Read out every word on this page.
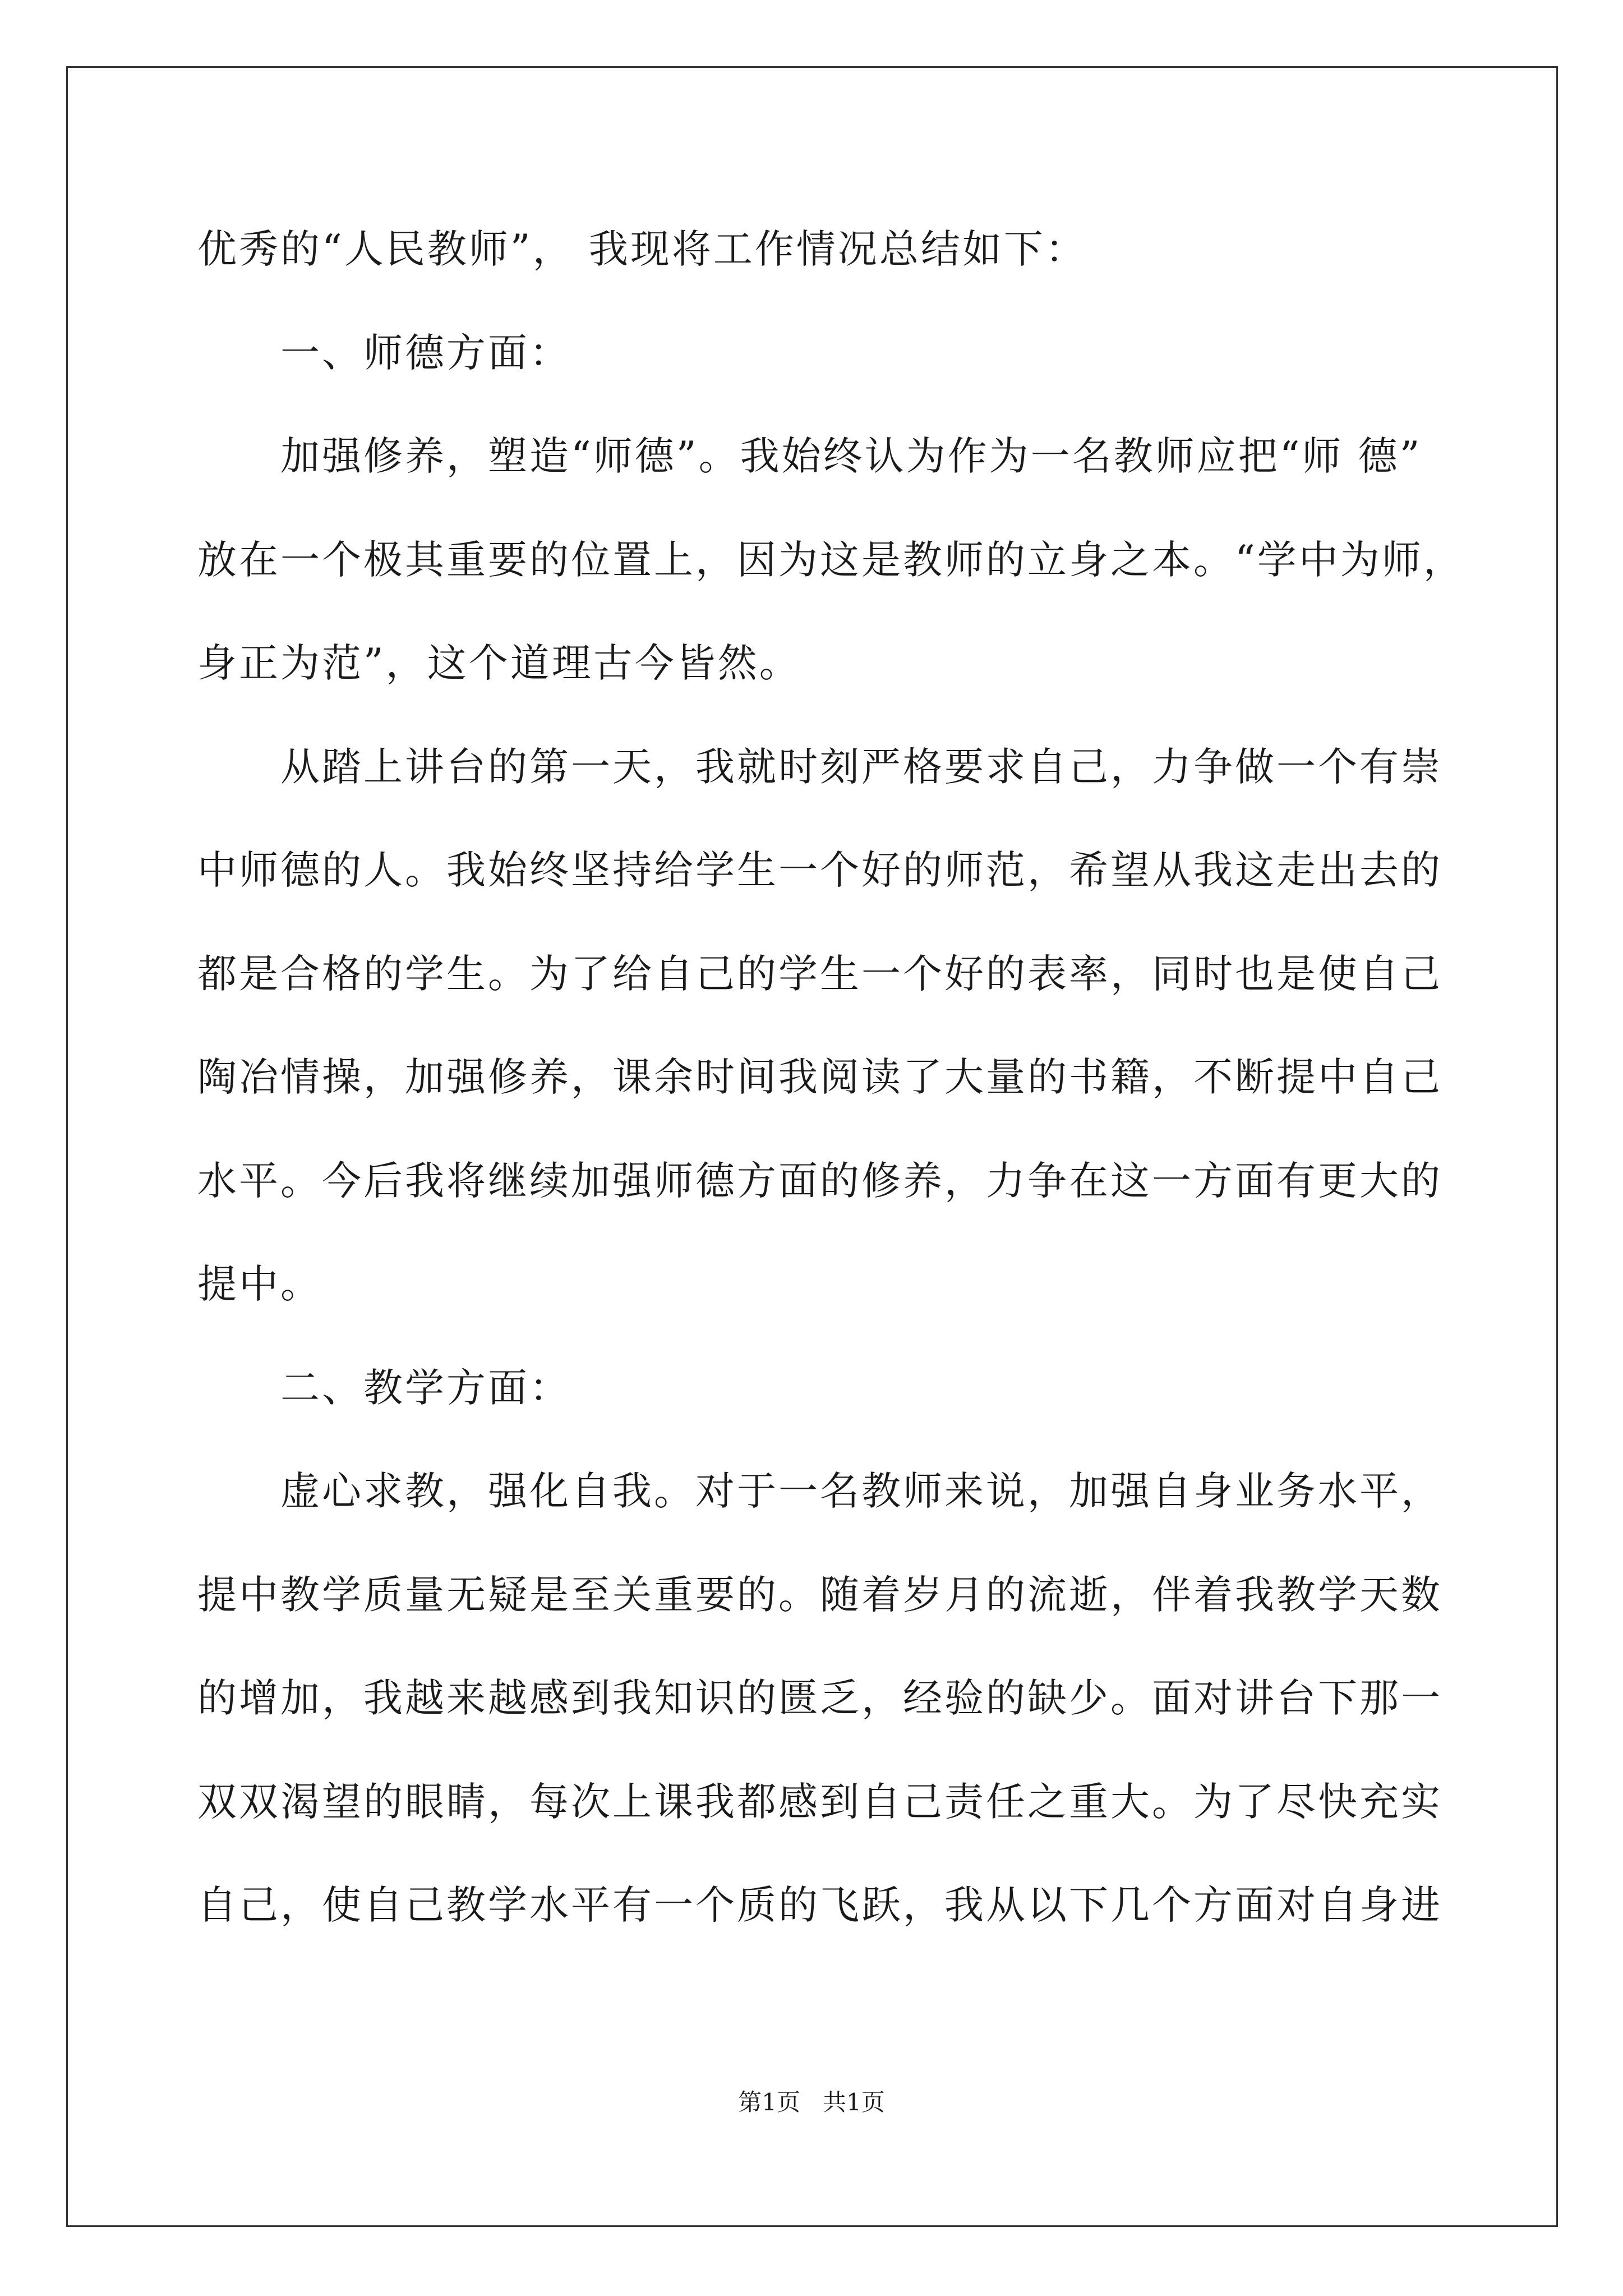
优秀的“人民教师”， 我现将工作情况总结如下：
一、师德方面：
加强修养，塑造“师德”。我始终认为作为一名教师应把“师 德”
放在一个极其重要的位置上，因为这是教师的立身之本。“学中为师，
身正为范”，这个道理古今皆然。
从踏上讲台的第一天，我就时刻严格要求自己，力争做一个有崇
中师德的人。我始终坚持给学生一个好的师范，希望从我这走出去的
都是合格的学生。为了给自己的学生一个好的表率，同时也是使自己
陶冶情操，加强修养，课余时间我阅读了大量的书籍，不断提中自己
水平。今后我将继续加强师德方面的修养，力争在这一方面有更大的
提中。
二、教学方面：
虚心求教，强化自我。对于一名教师来说，加强自身业务水平，
提中教学质量无疑是至关重要的。随着岁月的流逝，伴着我教学天数
的增加，我越来越感到我知识的匮乏，经验的缺少。面对讲台下那一
双双渴望的眼睛，每次上课我都感到自己责任之重大。为了尽快充实
自己，使自己教学水平有一个质的飞跃，我从以下几个方面对自身进
第1页   共1页
